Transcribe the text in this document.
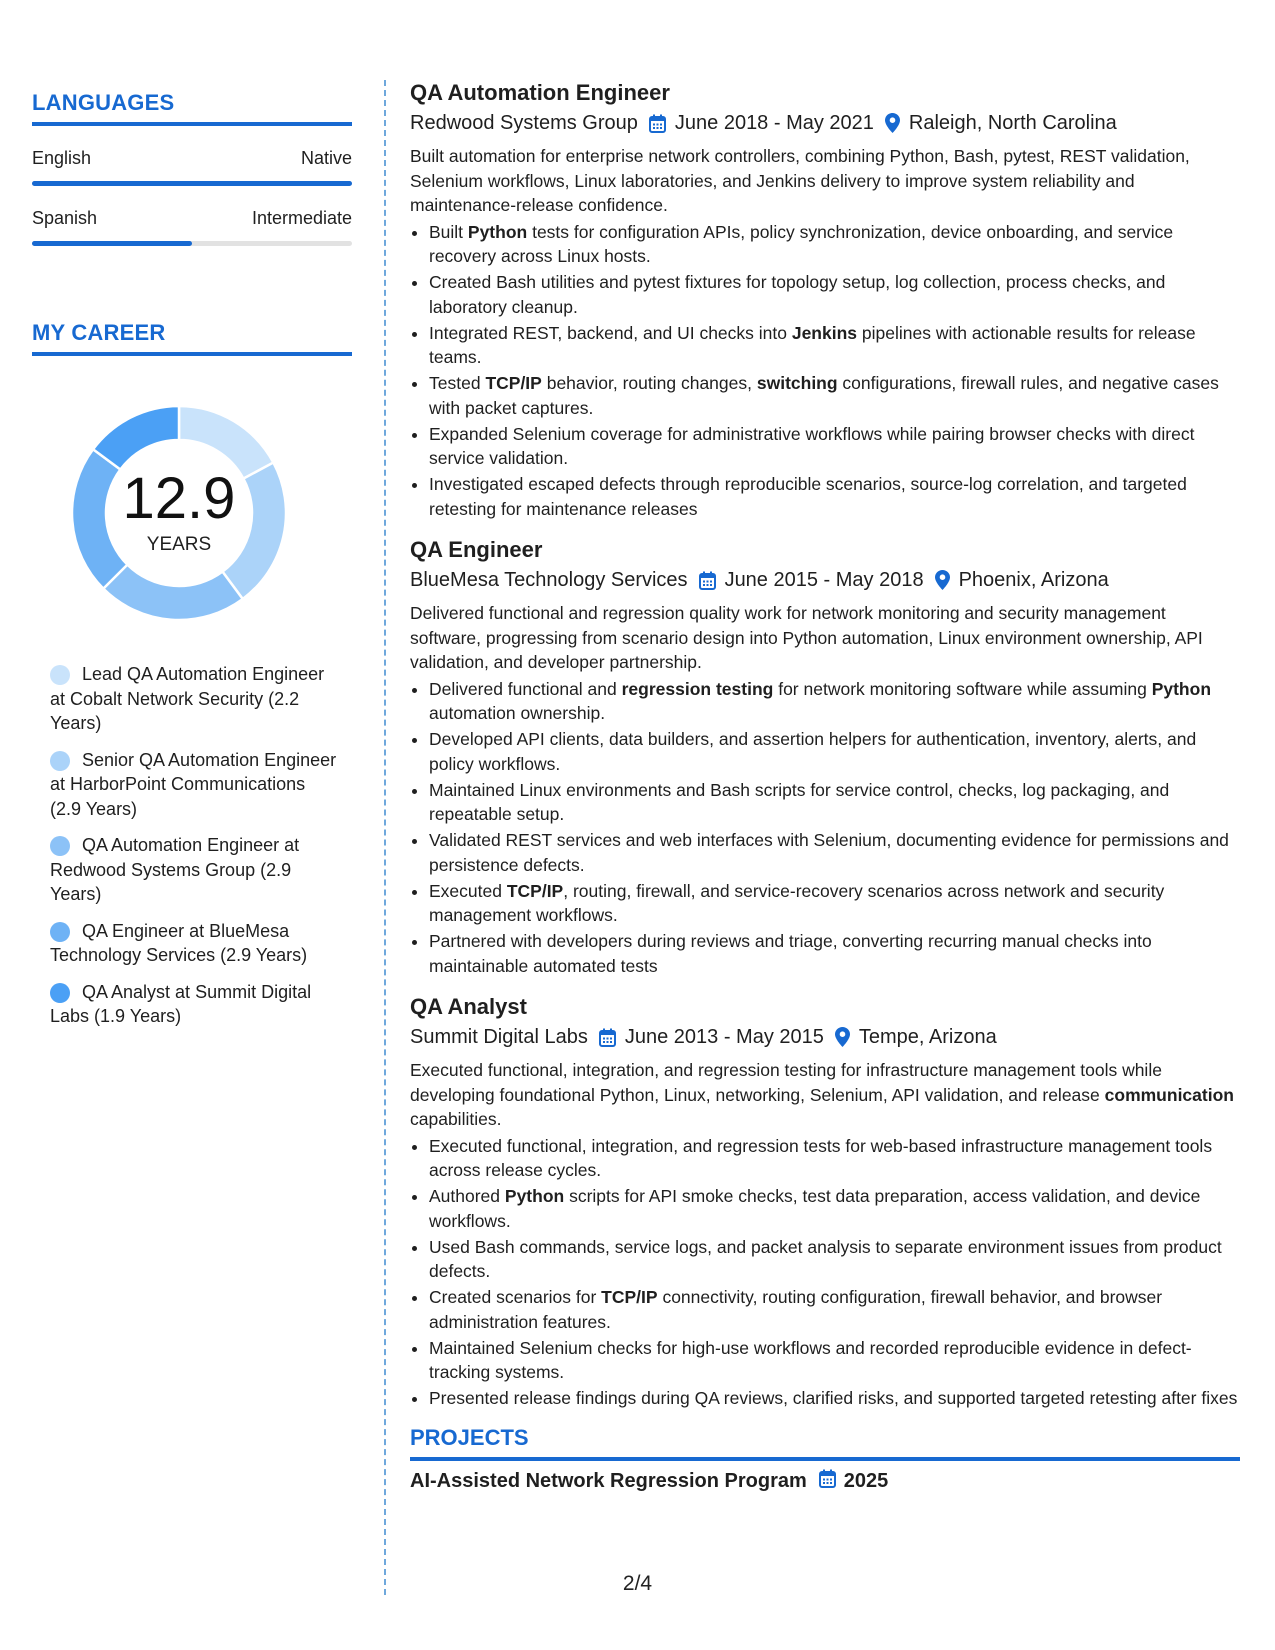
LANGUAGES
English	Native
Spanish	Intermediate
MY CAREER
12.9
YEARS
Lead QA Automation Engineer at Cobalt Network Security (2.2 Years)
Senior QA Automation Engineer at HarborPoint Communications (2.9 Years)
QA Automation Engineer at Redwood Systems Group (2.9 Years)
QA Engineer at BlueMesa Technology Services (2.9 Years)
QA Analyst at Summit Digital Labs (1.9 Years)
QA Automation Engineer
Redwood Systems Group June 2018 - May 2021 Raleigh, North Carolina
Built automation for enterprise network controllers, combining Python, Bash, pytest, REST validation, Selenium workflows, Linux laboratories, and Jenkins delivery to improve system reliability and maintenance-release confidence.
• Built Python tests for configuration APIs, policy synchronization, device onboarding, and service recovery across Linux hosts.
• Created Bash utilities and pytest fixtures for topology setup, log collection, process checks, and laboratory cleanup.
• Integrated REST, backend, and UI checks into Jenkins pipelines with actionable results for release teams.
• Tested TCP/IP behavior, routing changes, switching configurations, firewall rules, and negative cases with packet captures.
• Expanded Selenium coverage for administrative workflows while pairing browser checks with direct service validation.
• Investigated escaped defects through reproducible scenarios, source-log correlation, and targeted retesting for maintenance releases
QA Engineer
BlueMesa Technology Services June 2015 - May 2018 Phoenix, Arizona
Delivered functional and regression quality work for network monitoring and security management software, progressing from scenario design into Python automation, Linux environment ownership, API validation, and developer partnership.
• Delivered functional and regression testing for network monitoring software while assuming Python automation ownership.
• Developed API clients, data builders, and assertion helpers for authentication, inventory, alerts, and policy workflows.
• Maintained Linux environments and Bash scripts for service control, checks, log packaging, and repeatable setup.
• Validated REST services and web interfaces with Selenium, documenting evidence for permissions and persistence defects.
• Executed TCP/IP, routing, firewall, and service-recovery scenarios across network and security management workflows.
• Partnered with developers during reviews and triage, converting recurring manual checks into maintainable automated tests
QA Analyst
Summit Digital Labs June 2013 - May 2015 Tempe, Arizona
Executed functional, integration, and regression testing for infrastructure management tools while developing foundational Python, Linux, networking, Selenium, API validation, and release communication capabilities.
• Executed functional, integration, and regression tests for web-based infrastructure management tools across release cycles.
• Authored Python scripts for API smoke checks, test data preparation, access validation, and device workflows.
• Used Bash commands, service logs, and packet analysis to separate environment issues from product defects.
• Created scenarios for TCP/IP connectivity, routing configuration, firewall behavior, and browser administration features.
• Maintained Selenium checks for high-use workflows and recorded reproducible evidence in defect-tracking systems.
• Presented release findings during QA reviews, clarified risks, and supported targeted retesting after fixes
PROJECTS
AI-Assisted Network Regression Program 2025
2/4
